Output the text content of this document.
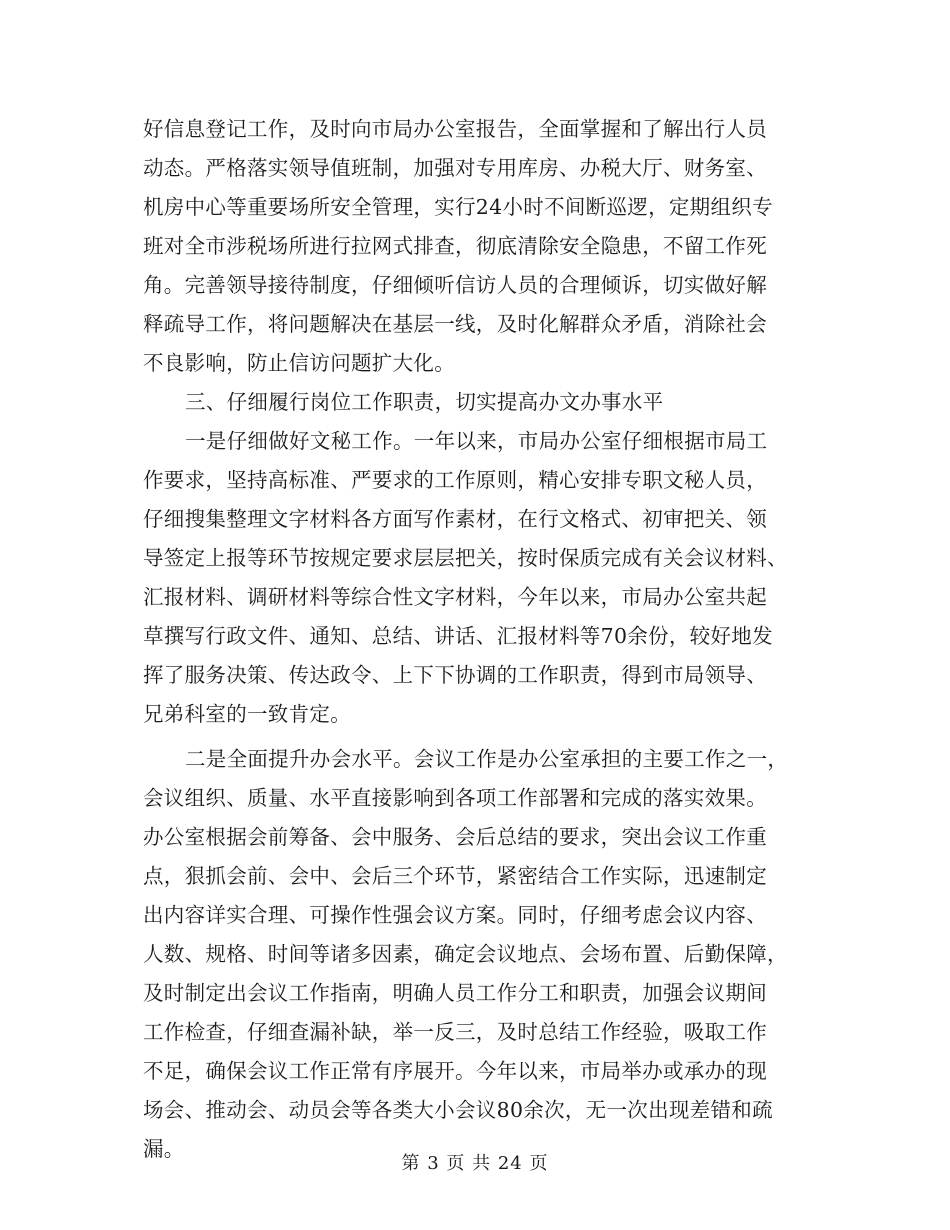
好信息登记工作，及时向市局办公室报告，全面掌握和了解出行人员
动态。严格落实领导值班制，加强对专用库房、办税大厅、财务室、
机房中心等重要场所安全管理，实行24小时不间断巡逻，定期组织专
班对全市涉税场所进行拉网式排查，彻底清除安全隐患，不留工作死
角。完善领导接待制度，仔细倾听信访人员的合理倾诉，切实做好解
释疏导工作，将问题解决在基层一线，及时化解群众矛盾，消除社会
不良影响，防止信访问题扩大化。
三、仔细履行岗位工作职责，切实提高办文办事水平
一是仔细做好文秘工作。一年以来，市局办公室仔细根据市局工
作要求，坚持高标准、严要求的工作原则，精心安排专职文秘人员，
仔细搜集整理文字材料各方面写作素材，在行文格式、初审把关、领
导签定上报等环节按规定要求层层把关，按时保质完成有关会议材料、
汇报材料、调研材料等综合性文字材料，今年以来，市局办公室共起
草撰写行政文件、通知、总结、讲话、汇报材料等70余份，较好地发
挥了服务决策、传达政令、上下下协调的工作职责，得到市局领导、
兄弟科室的一致肯定。
二是全面提升办会水平。会议工作是办公室承担的主要工作之一，
会议组织、质量、水平直接影响到各项工作部署和完成的落实效果。
办公室根据会前筹备、会中服务、会后总结的要求，突出会议工作重
点，狠抓会前、会中、会后三个环节，紧密结合工作实际，迅速制定
出内容详实合理、可操作性强会议方案。同时，仔细考虑会议内容、
人数、规格、时间等诸多因素，确定会议地点、会场布置、后勤保障，
及时制定出会议工作指南，明确人员工作分工和职责，加强会议期间
工作检查，仔细查漏补缺，举一反三，及时总结工作经验，吸取工作
不足，确保会议工作正常有序展开。今年以来，市局举办或承办的现
场会、推动会、动员会等各类大小会议80余次，无一次出现差错和疏
漏。
第 3 页 共 24 页
